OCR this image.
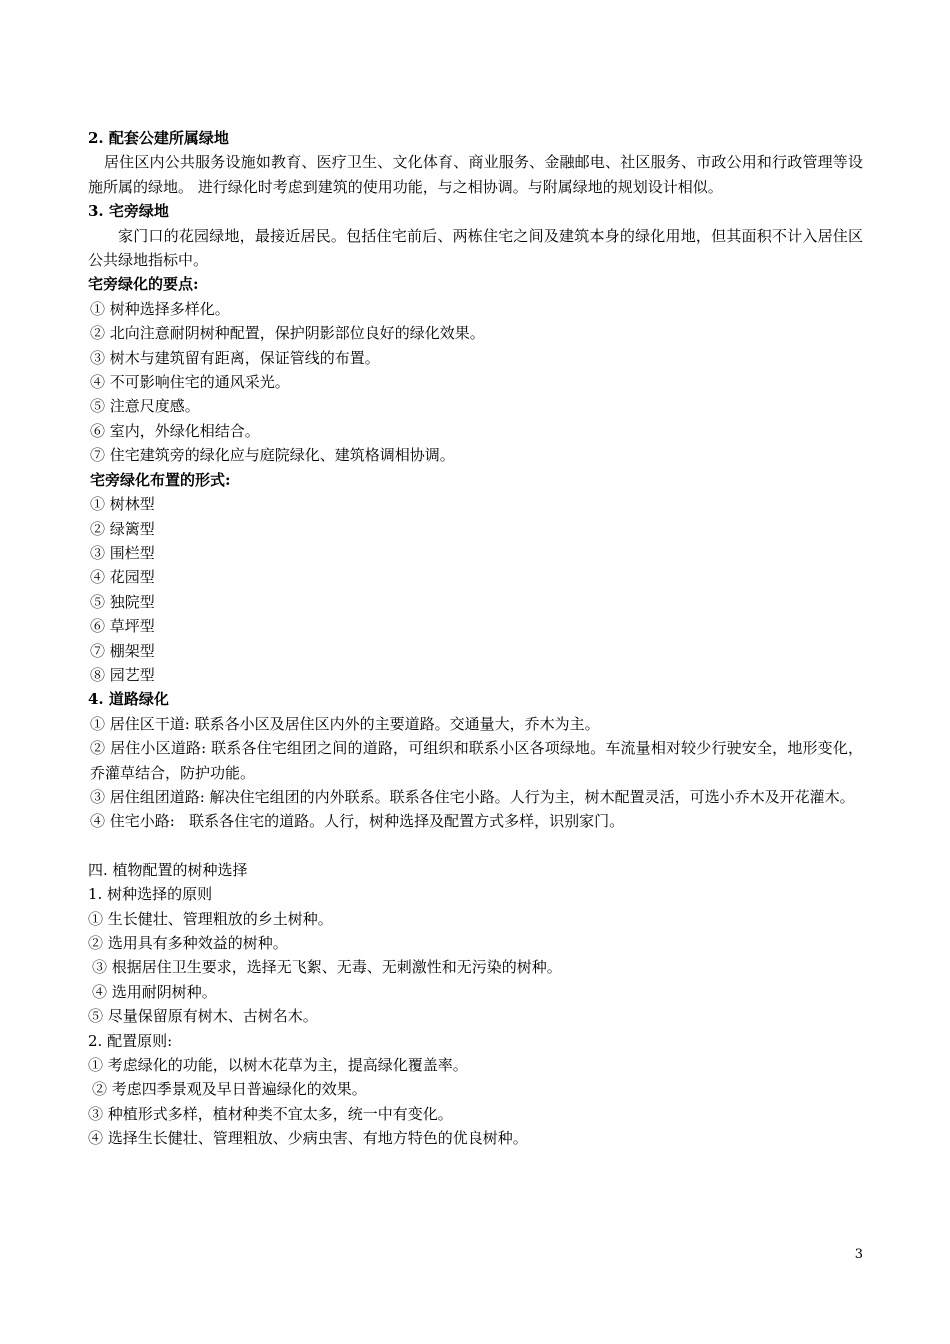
2. 配套公建所属绿地
居住区内公共服务设施如教育、医疗卫生、文化体育、商业服务、金融邮电、社区服务、市政公用和行政管理等设施所属的绿地。 进行绿化时考虑到建筑的使用功能，与之相协调。与附属绿地的规划设计相似。
3. 宅旁绿地
家门口的花园绿地，最接近居民。包括住宅前后、两栋住宅之间及建筑本身的绿化用地，但其面积不计入居住区公共绿地指标中。
宅旁绿化的要点:
① 树种选择多样化。
② 北向注意耐阴树种配置，保护阴影部位良好的绿化效果。
③ 树木与建筑留有距离，保证管线的布置。
④ 不可影响住宅的通风采光。
⑤ 注意尺度感。
⑥ 室内，外绿化相结合。
⑦ 住宅建筑旁的绿化应与庭院绿化、建筑格调相协调。
宅旁绿化布置的形式:
① 树林型
② 绿篱型
③ 围栏型
④ 花园型
⑤ 独院型
⑥ 草坪型
⑦ 棚架型
⑧ 园艺型
4. 道路绿化
① 居住区干道: 联系各小区及居住区内外的主要道路。交通量大，乔木为主。
② 居住小区道路: 联系各住宅组团之间的道路，可组织和联系小区各项绿地。车流量相对较少行驶安全，地形变化，乔灌草结合，防护功能。
③ 居住组团道路: 解决住宅组团的内外联系。联系各住宅小路。人行为主，树木配置灵活，可选小乔木及开花灌木。
④ 住宅小路:   联系各住宅的道路。人行，树种选择及配置方式多样，识别家门。
四. 植物配置的树种选择
1. 树种选择的原则
① 生长健壮、管理粗放的乡土树种。
② 选用具有多种效益的树种。
③ 根据居住卫生要求，选择无飞絮、无毒、无刺激性和无污染的树种。
④ 选用耐阴树种。
⑤ 尽量保留原有树木、古树名木。
2. 配置原则:
① 考虑绿化的功能，以树木花草为主，提高绿化覆盖率。
② 考虑四季景观及早日普遍绿化的效果。
③ 种植形式多样，植材种类不宜太多，统一中有变化。
④ 选择生长健壮、管理粗放、少病虫害、有地方特色的优良树种。
3
